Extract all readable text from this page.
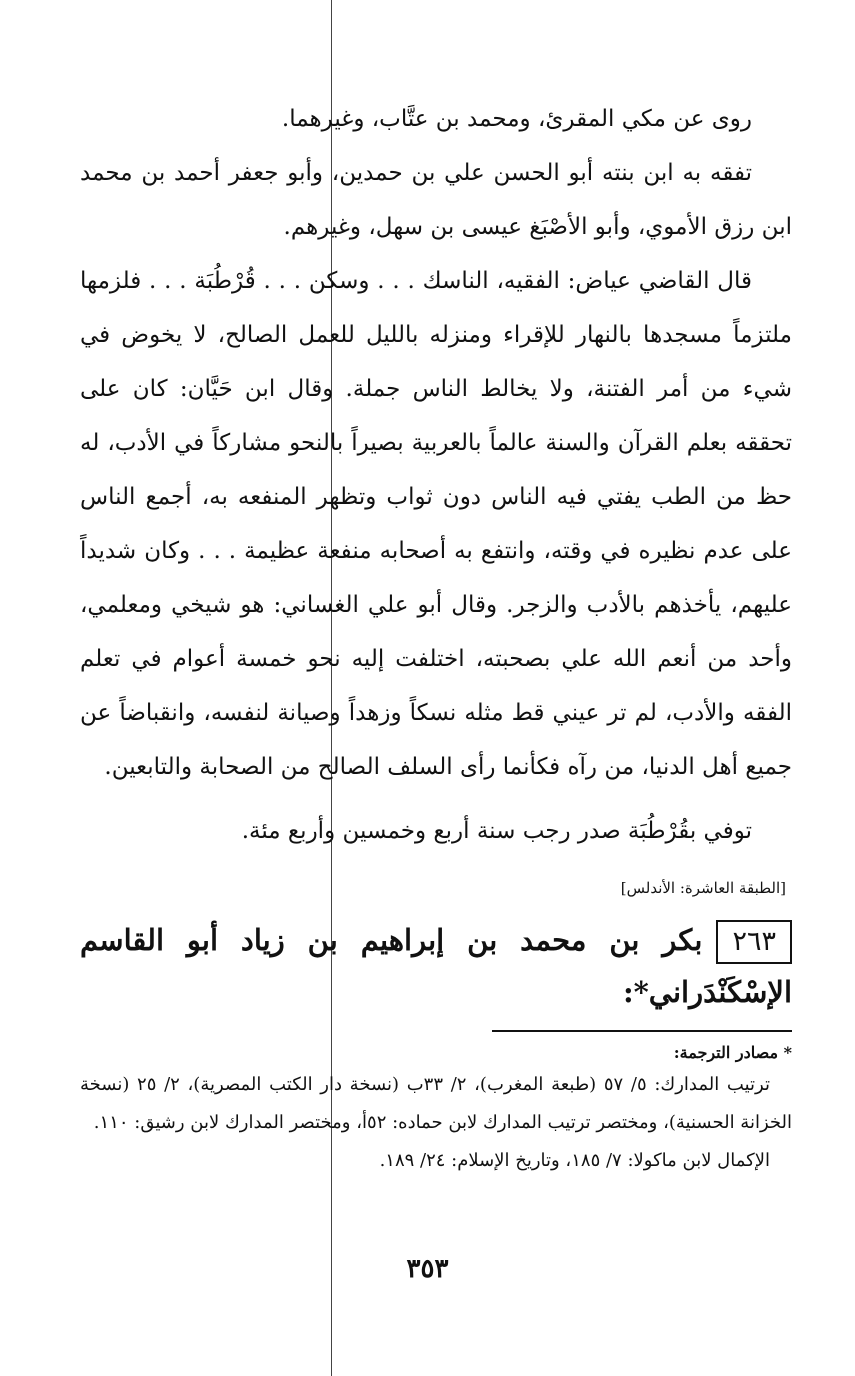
روى عن مكي المقرئ، ومحمد بن عتَّاب، وغيرهما.

تفقه به ابن بنته أبو الحسن علي بن حمدين، وأبو جعفر أحمد بن محمد ابن رزق الأموي، وأبو الأصْبَغ عيسى بن سهل، وغيرهم.

قال القاضي عياض: الفقيه، الناسك . . . وسكن . . . قُرْطُبَة . . . فلزمها ملتزماً مسجدها بالنهار للإقراء ومنزله بالليل للعمل الصالح، لا يخوض في شيء من أمر الفتنة، ولا يخالط الناس جملة. وقال ابن حَيَّان: كان على تحققه بعلم القرآن والسنة عالماً بالعربية بصيراً بالنحو مشاركاً في الأدب، له حظ من الطب يفتي فيه الناس دون ثواب وتظهر المنفعه به، أجمع الناس على عدم نظيره في وقته، وانتفع به أصحابه منفعة عظيمة . . . وكان شديداً عليهم، يأخذهم بالأدب والزجر. وقال أبو علي الغساني: هو شيخي ومعلمي، وأحد من أنعم الله علي بصحبته، اختلفت إليه نحو خمسة أعوام في تعلم الفقه والأدب، لم تر عيني قط مثله نسكاً وزهداً وصيانة لنفسه، وانقباضاً عن جميع أهل الدنيا، من رآه فكأنما رأى السلف الصالح من الصحابة والتابعين.

توفي بقُرْطُبَة صدر رجب سنة أربع وخمسين وأربع مئة.

[الطبقة العاشرة: الأندلس]
٢٦٣بكر بن محمد بن إبراهيم بن زياد أبو القاسم الإسْكَنْدَراني*:
* مصادر الترجمة:

ترتيب المدارك: ٥/ ٥٧ (طبعة المغرب)، ٢/ ٣٣ب (نسخة دار الكتب المصرية)، ٢/ ٢٥ (نسخة الخزانة الحسنية)، ومختصر ترتيب المدارك لابن حماده: ٥٢أ، ومختصر المدارك لابن رشيق: ١١٠.

الإكمال لابن ماكولا: ٧/ ١٨٥، وتاريخ الإسلام: ٢٤/ ١٨٩.

٣٥٣
